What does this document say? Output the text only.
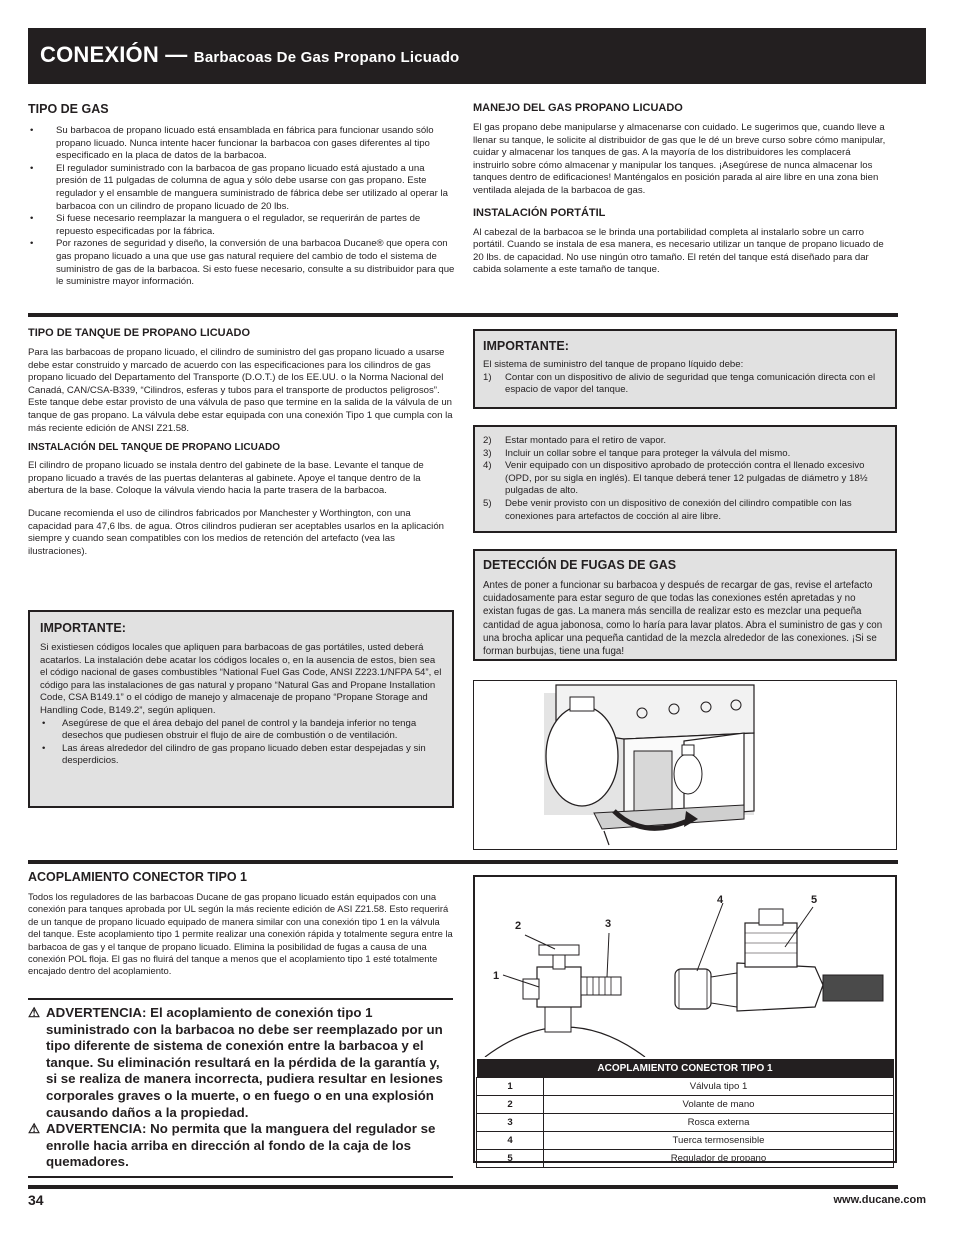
CONEXIÓN — Barbacoas De Gas Propano Licuado
TIPO DE GAS
• Su barbacoa de propano licuado está ensamblada en fábrica para funcionar usando sólo propano licuado. Nunca intente hacer funcionar la barbacoa con gases diferentes al tipo especificado en la placa de datos de la barbacoa.
• El regulador suministrado con la barbacoa de gas propano licuado está ajustado a una presión de 11 pulgadas de columna de agua y sólo debe usarse con gas propano. Este regulador y el ensamble de manguera suministrado de fábrica debe ser utilizado al operar la barbacoa con un cilindro de propano licuado de 20 lbs.
• Si fuese necesario reemplazar la manguera o el regulador, se requerirán de partes de repuesto especificadas por la fábrica.
• Por razones de seguridad y diseño, la conversión de una barbacoa Ducane® que opera con gas propano licuado a una que use gas natural requiere del cambio de todo el sistema de suministro de gas de la barbacoa. Si esto fuese necesario, consulte a su distribuidor para que le suministre mayor información.
MANEJO DEL GAS PROPANO LICUADO
El gas propano debe manipularse y almacenarse con cuidado. Le sugerimos que, cuando lleve a llenar su tanque, le solicite al distribuidor de gas que le dé un breve curso sobre cómo manipular, cuidar y almacenar los tanques de gas. A la mayoría de los distribuidores les complacerá instruirlo sobre cómo almacenar y manipular los tanques. ¡Asegúrese de nunca almacenar los tanques dentro de edificaciones! Manténgalos en posición parada al aire libre en una zona bien ventilada alejada de la barbacoa de gas.
INSTALACIÓN PORTÁTIL
Al cabezal de la barbacoa se le brinda una portabilidad completa al instalarlo sobre un carro portátil. Cuando se instala de esa manera, es necesario utilizar un tanque de propano licuado de 20 lbs. de capacidad. No use ningún otro tamaño. El retén del tanque está diseñado para dar cabida solamente a este tamaño de tanque.
TIPO DE TANQUE DE PROPANO LICUADO
Para las barbacoas de propano licuado, el cilindro de suministro del gas propano licuado a usarse debe estar construido y marcado de acuerdo con las especificaciones para los cilindros de gas propano licuado del Departamento del Transporte (D.O.T.) de los EE.UU. o la Norma Nacional del Canadá, CAN/CSA-B339, “Cilindros, esferas y tubos para el transporte de productos peligrosos”. Este tanque debe estar provisto de una válvula de paso que termine en la salida de la válvula de un tanque de gas propano. La válvula debe estar equipada con una conexión Tipo 1 que cumpla con la más reciente edición de ANSI Z21.58.
INSTALACIÓN DEL TANQUE DE PROPANO LICUADO
El cilindro de propano licuado se instala dentro del gabinete de la base. Levante el tanque de propano licuado a través de las puertas delanteras al gabinete. Apoye el tanque dentro de la abertura de la base. Coloque la válvula viendo hacia la parte trasera de la barbacoa.
Ducane recomienda el uso de cilindros fabricados por Manchester y Worthington, con una capacidad para 47,6 lbs. de agua. Otros cilindros pudieran ser aceptables usarlos en la aplicación siempre y cuando sean compatibles con los medios de retención del artefacto (vea las ilustraciones).
IMPORTANTE:
Si existiesen códigos locales que apliquen para barbacoas de gas portátiles, usted deberá acatarlos. La instalación debe acatar los códigos locales o, en la ausencia de estos, bien sea el código nacional de gases combustibles “National Fuel Gas Code, ANSI Z223.1/NFPA 54”, el código para las instalaciones de gas natural y propano “Natural Gas and Propane Installation Code, CSA B149.1” o el código de manejo y almacenaje de propano “Propane Storage and Handling Code, B149.2”, según apliquen.
• Asegúrese de que el área debajo del panel de control y la bandeja inferior no tenga desechos que pudiesen obstruir el flujo de aire de combustión o de ventilación.
• Las áreas alrededor del cilindro de gas propano licuado deben estar despejadas y sin desperdicios.
IMPORTANTE:
El sistema de suministro del tanque de propano líquido debe:
1) Contar con un dispositivo de alivio de seguridad que tenga comunicación directa con el espacio de vapor del tanque.
2) Estar montado para el retiro de vapor.
3) Incluir un collar sobre el tanque para proteger la válvula del mismo.
4) Venir equipado con un dispositivo aprobado de protección contra el llenado excesivo (OPD, por su sigla en inglés). El tanque deberá tener 12 pulgadas de diámetro y 18½ pulgadas de alto.
5) Debe venir provisto con un dispositivo de conexión del cilindro compatible con las conexiones para artefactos de cocción al aire libre.
DETECCIÓN DE FUGAS DE GAS
Antes de poner a funcionar su barbacoa y después de recargar de gas, revise el artefacto cuidadosamente para estar seguro de que todas las conexiones estén apretadas y no existan fugas de gas. La manera más sencilla de realizar esto es mezclar una pequeña cantidad de agua jabonosa, como lo haría para lavar platos. Abra el suministro de gas y con una brocha aplicar una pequeña cantidad de la mezcla alrededor de las conexiones. ¡Si se forman burbujas, tiene una fuga!
ACOPLAMIENTO CONECTOR TIPO 1
Todos los reguladores de las barbacoas Ducane de gas propano licuado están equipados con una conexión para tanques aprobada por UL según la más reciente edición de ASI Z21.58. Esto requerirá de un tanque de propano licuado equipado de manera similar con una conexión tipo 1 en la válvula del tanque. Este acoplamiento tipo 1 permite realizar una conexión rápida y totalmente segura entre la barbacoa de gas y el tanque de propano licuado. Elimina la posibilidad de fugas a causa de una conexión POL floja. El gas no fluirá del tanque a menos que el acoplamiento tipo 1 esté totalmente encajado dentro del acoplamiento.
⚠ ADVERTENCIA: El acoplamiento de conexión tipo 1 suministrado con la barbacoa no debe ser reemplazado por un tipo diferente de sistema de conexión entre la barbacoa y el tanque. Su eliminación resultará en la pérdida de la garantía y, si se realiza de manera incorrecta, pudiera resultar en lesiones corporales graves o la muerte, o en fuego o en una explosión causando daños a la propiedad.
⚠ ADVERTENCIA: No permita que la manguera del regulador se enrolle hacia arriba en dirección al fondo de la caja de los quemadores.
1
2	3
4	5
ACOPLAMIENTO CONECTOR TIPO 1	
1	Válvula tipo 1
2	Volante de mano
3	Rosca externa
4	Tuerca termosensible
5	Regulador de propano
34	www.ducane.com
